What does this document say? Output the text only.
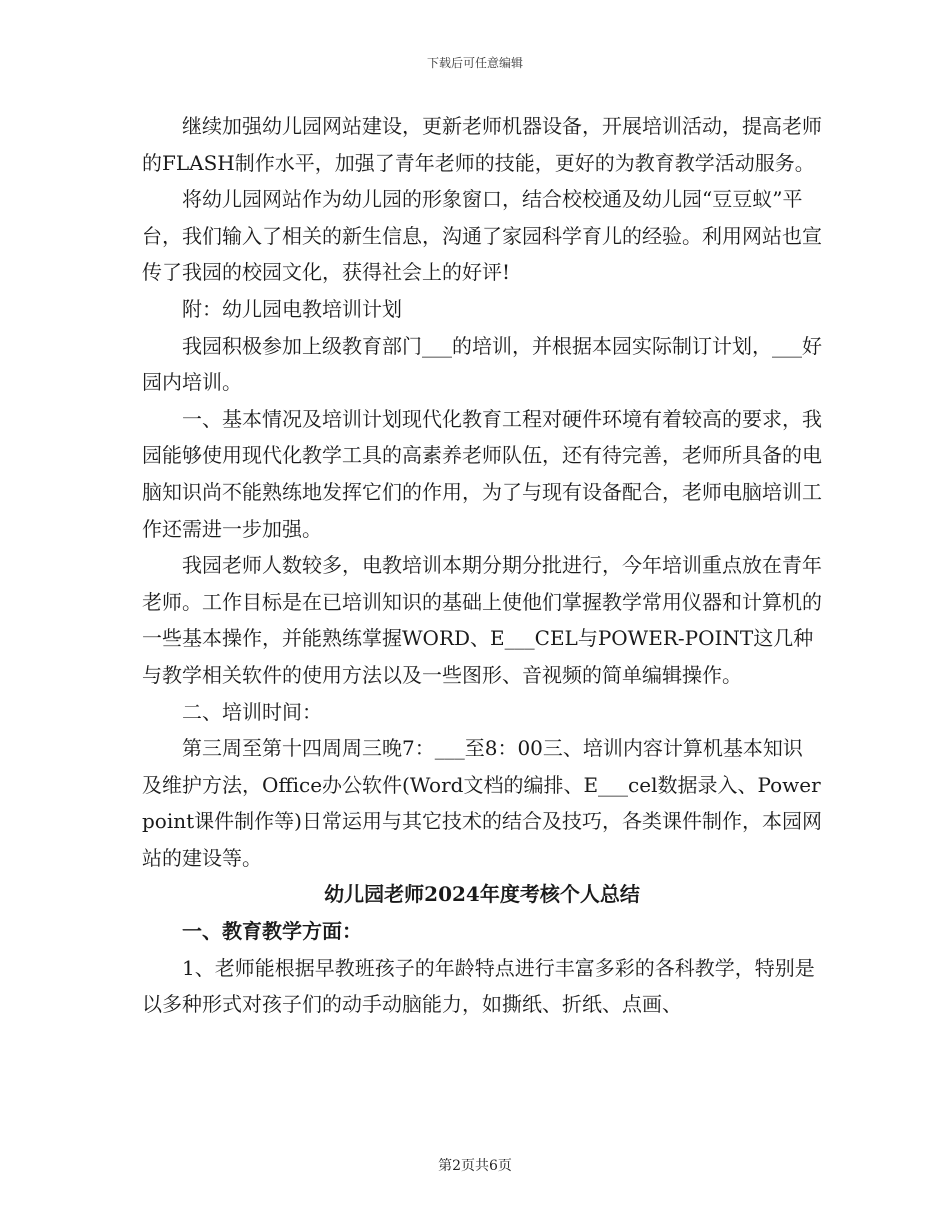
下载后可任意编辑

继续加强幼儿园网站建设，更新老师机器设备，开展培训活动，提高老师的FLASH制作水平，加强了青年老师的技能，更好的为教育教学活动服务。

将幼儿园网站作为幼儿园的形象窗口，结合校校通及幼儿园“豆豆蚁”平台，我们输入了相关的新生信息，沟通了家园科学育儿的经验。利用网站也宣传了我园的校园文化，获得社会上的好评!

附：幼儿园电教培训计划

我园积极参加上级教育部门___的培训，并根据本园实际制订计划，___好园内培训。

一、基本情况及培训计划现代化教育工程对硬件环境有着较高的要求，我园能够使用现代化教学工具的高素养老师队伍，还有待完善，老师所具备的电脑知识尚不能熟练地发挥它们的作用，为了与现有设备配合，老师电脑培训工作还需进一步加强。

我园老师人数较多，电教培训本期分期分批进行，今年培训重点放在青年老师。工作目标是在已培训知识的基础上使他们掌握教学常用仪器和计算机的一些基本操作，并能熟练掌握WORD、E___CEL与POWER-POINT这几种与教学相关软件的使用方法以及一些图形、音视频的简单编辑操作。

二、培训时间：

第三周至第十四周周三晚7：___至8：00三、培训内容计算机基本知识及维护方法，Office办公软件(Word文档的编排、E___cel数据录入、Powerpoint课件制作等)日常运用与其它技术的结合及技巧，各类课件制作，本园网站的建设等。

幼儿园老师2024年度考核个人总结

一、教育教学方面：

1、老师能根据早教班孩子的年龄特点进行丰富多彩的各科教学，特别是以多种形式对孩子们的动手动脑能力，如撕纸、折纸、点画、

第2页共6页
